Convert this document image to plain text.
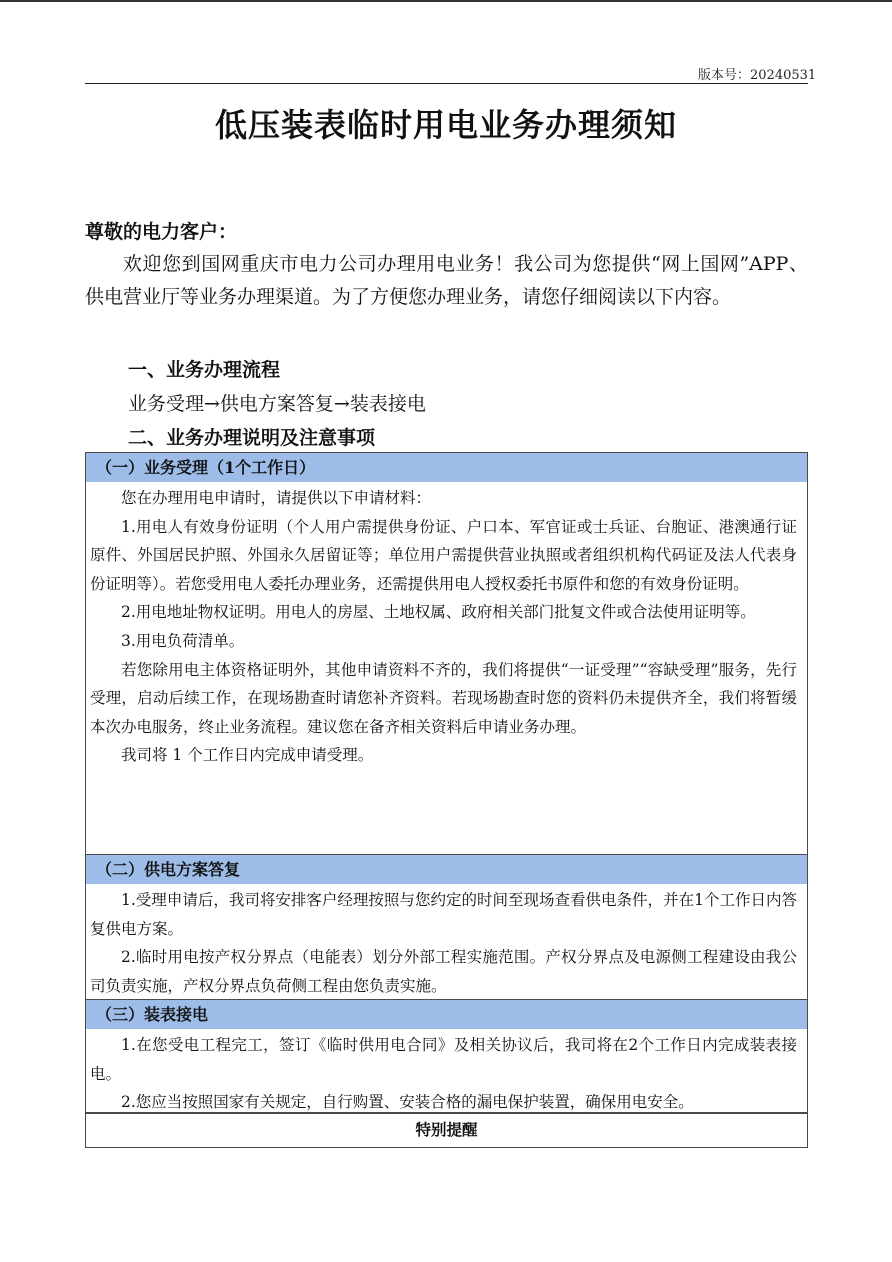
版本号：20240531
低压装表临时用电业务办理须知
尊敬的电力客户：
欢迎您到国网重庆市电力公司办理用电业务！我公司为您提供“网上国网”APP、供电营业厅等业务办理渠道。为了方便您办理业务，请您仔细阅读以下内容。
一、业务办理流程
业务受理→供电方案答复→装表接电
二、业务办理说明及注意事项
（一）业务受理（1个工作日）

您在办理用电申请时，请提供以下申请材料：

1.用电人有效身份证明（个人用户需提供身份证、户口本、军官证或士兵证、台胞证、港澳通行证原件、外国居民护照、外国永久居留证等；单位用户需提供营业执照或者组织机构代码证及法人代表身份证明等）。若您受用电人委托办理业务，还需提供用电人授权委托书原件和您的有效身份证明。

2.用电地址物权证明。用电人的房屋、土地权属、政府相关部门批复文件或合法使用证明等。

3.用电负荷清单。

若您除用电主体资格证明外，其他申请资料不齐的，我们将提供“一证受理”“容缺受理”服务，先行受理，启动后续工作，在现场勘查时请您补齐资料。若现场勘查时您的资料仍未提供齐全，我们将暂缓本次办电服务，终止业务流程。建议您在备齐相关资料后申请业务办理。

我司将 1 个工作日内完成申请受理。

（二）供电方案答复

1.受理申请后，我司将安排客户经理按照与您约定的时间至现场查看供电条件，并在1个工作日内答复供电方案。

2.临时用电按产权分界点（电能表）划分外部工程实施范围。产权分界点及电源侧工程建设由我公司负责实施，产权分界点负荷侧工程由您负责实施。

（三）装表接电

1.在您受电工程完工，签订《临时供用电合同》及相关协议后，我司将在2个工作日内完成装表接电。

2.您应当按照国家有关规定，自行购置、安装合格的漏电保护装置，确保用电安全。

特别提醒
